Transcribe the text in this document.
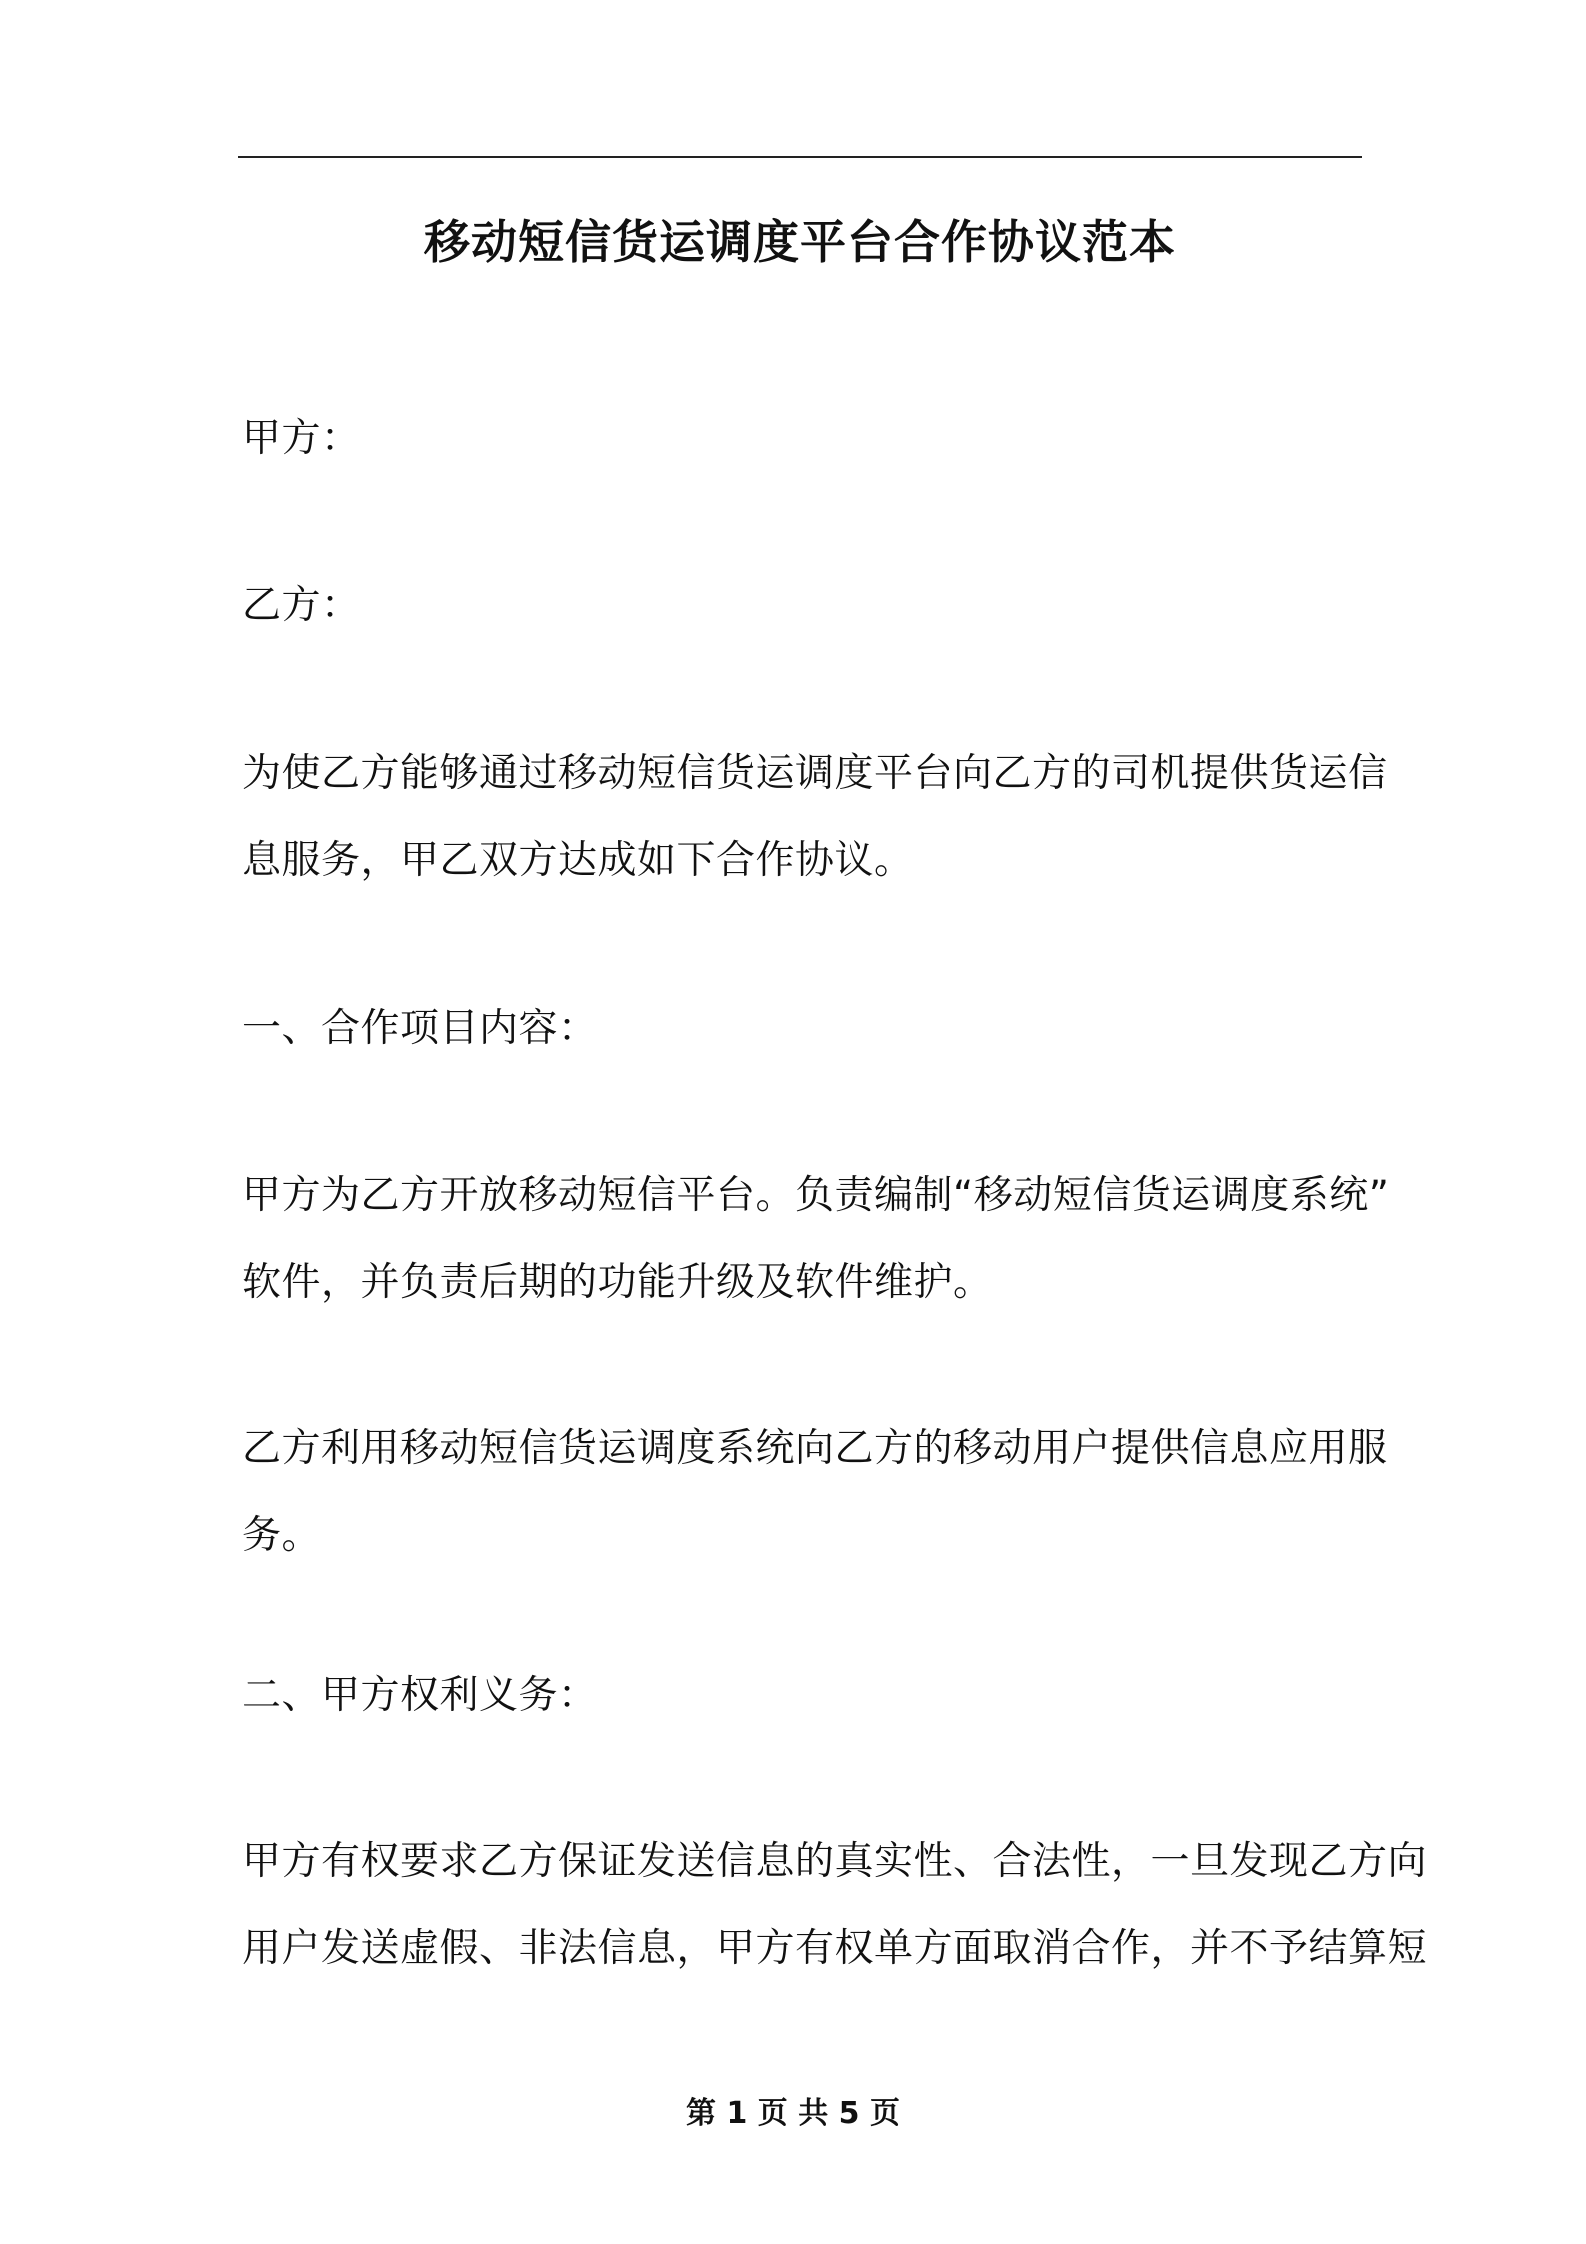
移动短信货运调度平台合作协议范本

甲方：

乙方：

为使乙方能够通过移动短信货运调度平台向乙方的司机提供货运信

息服务，甲乙双方达成如下合作协议。

一、合作项目内容：

甲方为乙方开放移动短信平台。负责编制“移动短信货运调度系统”

软件，并负责后期的功能升级及软件维护。

乙方利用移动短信货运调度系统向乙方的移动用户提供信息应用服

务。

二、甲方权利义务：

甲方有权要求乙方保证发送信息的真实性、合法性，一旦发现乙方向

用户发送虚假、非法信息，甲方有权单方面取消合作，并不予结算短

第 1 页 共 5 页
